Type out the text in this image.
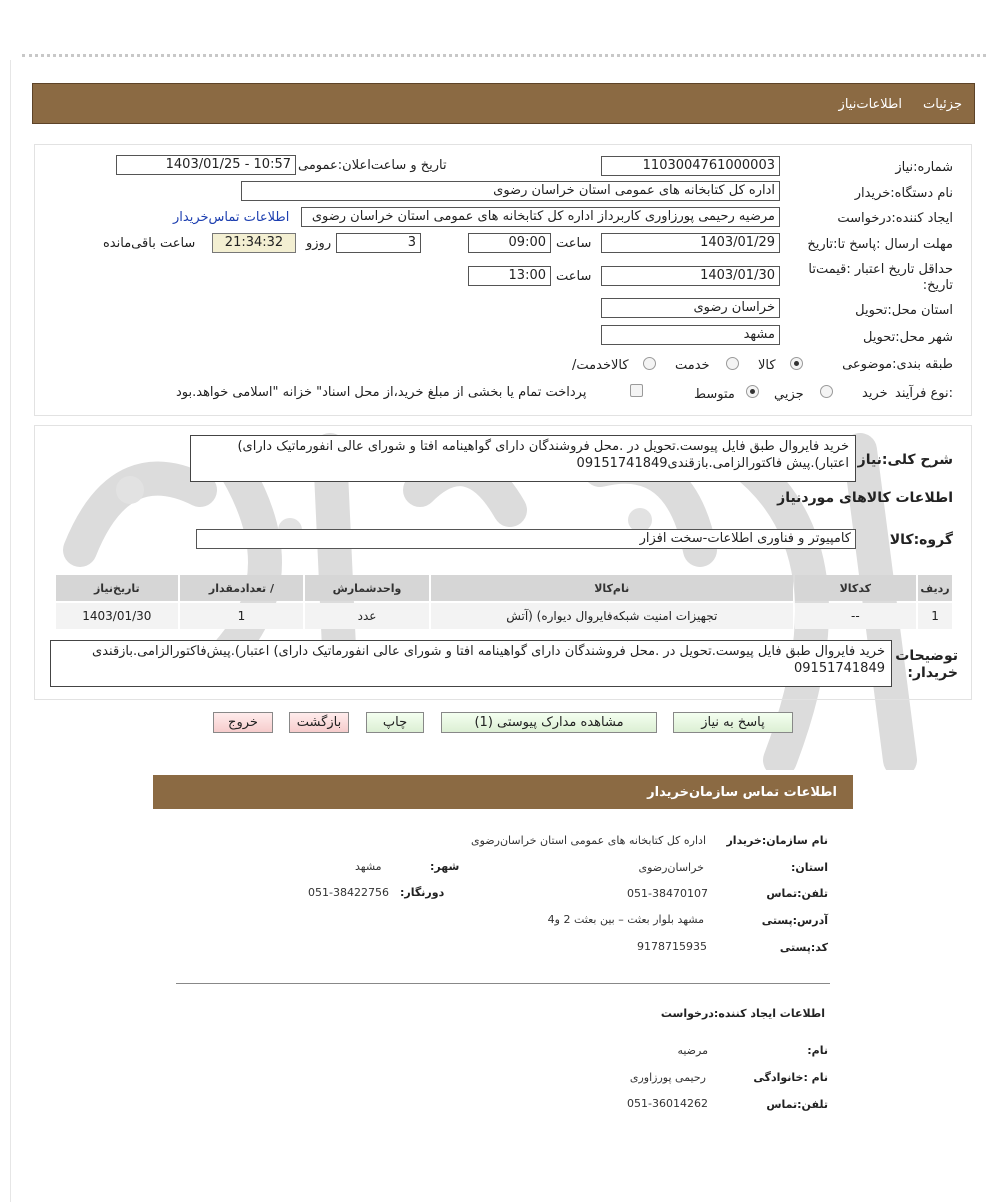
جزئیات
اطلاعات‌نیاز
شماره:نیاز
1103004761000003
تاریخ و ساعت‌اعلان:عمومی
1403/01/25 - 10:57
نام دستگاه:خریدار
اداره کل کتابخانه های عمومی استان خراسان رضوی
ایجاد کننده:درخواست
مرضیه رحیمی پورزاوری کاربرداز اداره کل کتابخانه های عمومی استان خراسان رضوی
اطلاعات تماس‌خریدار
مهلت ارسال :پاسخ تا:تاریخ
1403/01/29
ساعت
09:00
3
روزو
21:34:32
ساعت باقی‌مانده
حداقل تاریخ اعتبار :قیمت‌تا
:تاریخ
1403/01/30
ساعت
13:00
استان محل:تحویل
خراسان رضوی
شهر محل:تحویل
مشهد
طبقه بندی:موضوعی
کالا
خدمت
/کالاخدمت
نوع فرآیند:
خرید
جزیي
متوسط
پرداخت تمام یا بخشی از مبلغ خرید،از محل اسناد" خزانه "اسلامی خواهد.بود
شرح کلی:نیاز
خرید فایروال طبق فایل پیوست.تحویل در .محل فروشندگان دارای گواهینامه افتا و شورای عالی انفورماتیک دارای) اعتبار).پیش فاکتورالزامی.بازقندی09151741849
اطلاعات کالاهای مورد‌نیاز
گروه:کالا
کامپیوتر و فناوری اطلاعات-سخت افزار
ردیف	کدکالا	نام‌کالا	واحدشمارش	/ تعدادمقدار	تاریخ‌نیاز
1	--	تجهیزات امنیت شبکه‌فایروال دیواره) (آتش	عدد	1	1403/01/30
توضیحات
:خریدار
خرید فایروال طبق فایل پیوست.تحویل در .محل فروشندگان دارای گواهینامه افتا و شورای عالی انفورماتیک دارای) اعتبار).پیش‌فاکتورالزامی.بازقندی 09151741849
پاسخ به نیاز
مشاهده مدارک پیوستی (1)
چاپ
بازگشت
خروج
اطلاعات تماس سازمان‌خریدار
نام سازمان:خریدار
اداره کل کتابخانه های عمومی استان خراسان‌رضوی
:استان
خراسان‌رضوی
:شهر
مشهد
تلفن:تماس
051-38470107
:دورنگار
051-38422756
آدرس:پستی
مشهد بلوار بعثت – بین بعثت 2 و4
کد:پستی
9178715935
اطلاعات ایجاد کننده:درخواست
:نام
مرضیه
نام :خانوادگی
رحیمی پورزاوری
تلفن:تماس
051-36014262
